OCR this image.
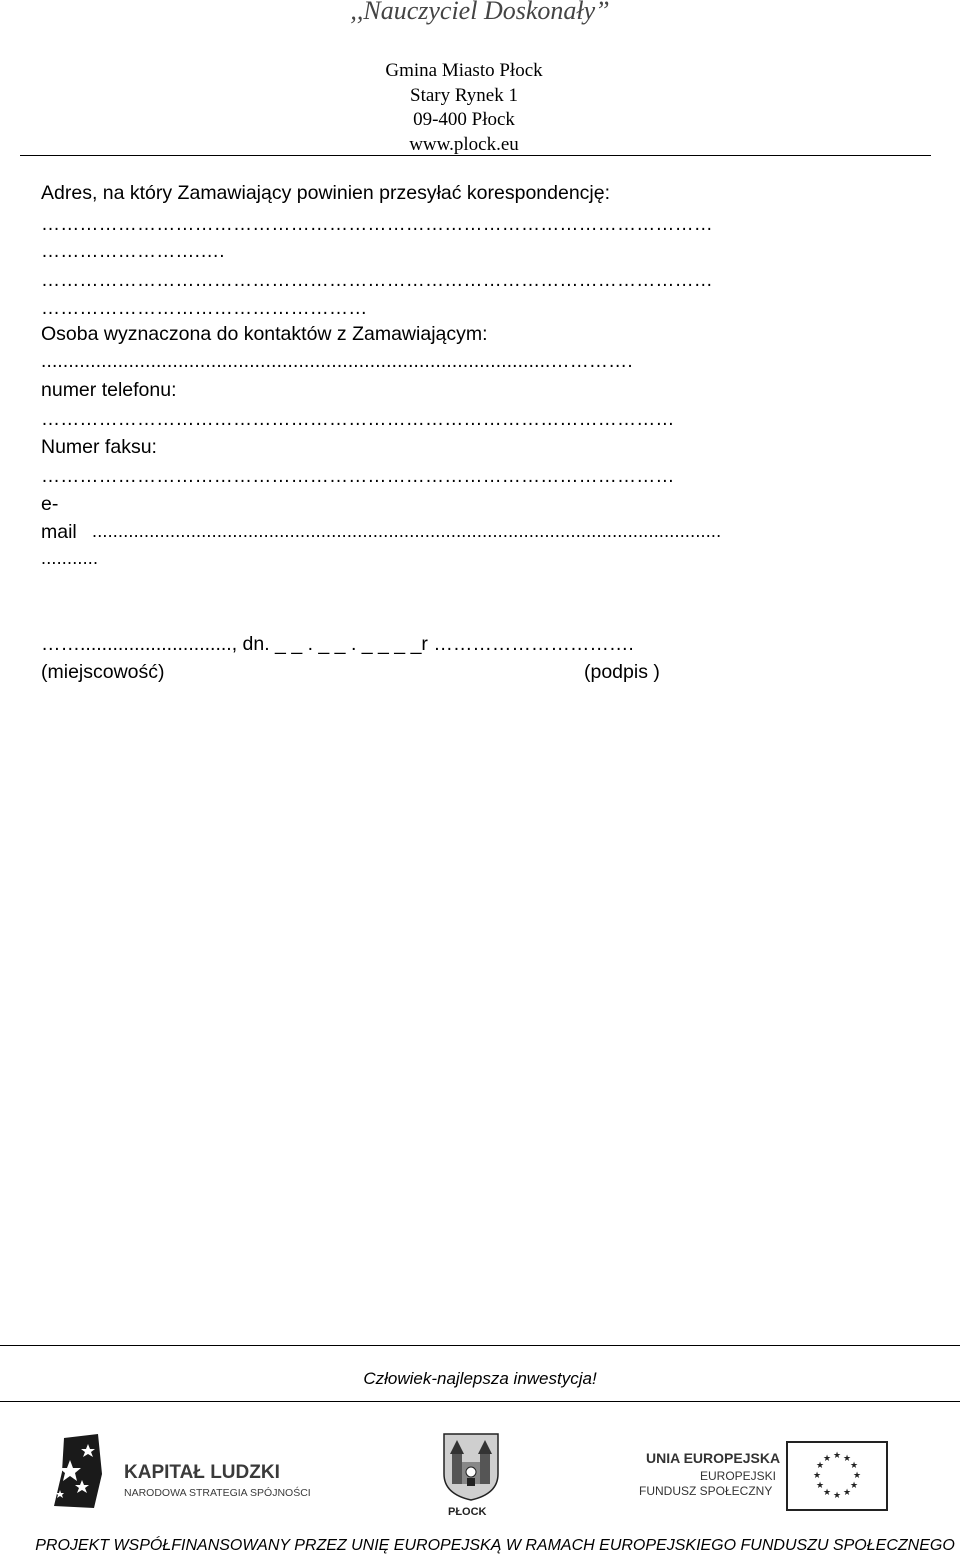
,,Nauczyciel Doskonały”
Gmina Miasto Płock
Stary Rynek 1
09-400 Płock
www.plock.eu
Adres, na który Zamawiający powinien przesyłać korespondencję:
……………………………………………………………………………………………
…………………….….
……………………………………………………………………………………………
……………………………………………
Osoba wyznaczona do kontaktów z Zamawiającym:
.............................................................................................………….
numer telefonu:
………………………………………………………………………………………
Numer faksu:
………………………………………………………………………………………
e-
mail .........................................................................................................................
...........
……............................, dn. _ _ . _ _ . _ _ _ _r ………………………….
(miejscowość)	(podpis )
Człowiek-najlepsza inwestycja!
KAPITAŁ LUDZKI
NARODOWA STRATEGIA SPÓJNOŚCI
PŁOCK
UNIA EUROPEJSKA
EUROPEJSKI
FUNDUSZ SPOŁECZNY
★ ★
★
★
★
★
★
★
★
★
★
★
PROJEKT WSPÓŁFINANSOWANY PRZEZ UNIĘ EUROPEJSKĄ W RAMACH EUROPEJSKIEGO FUNDUSZU SPOŁECZNEGO
